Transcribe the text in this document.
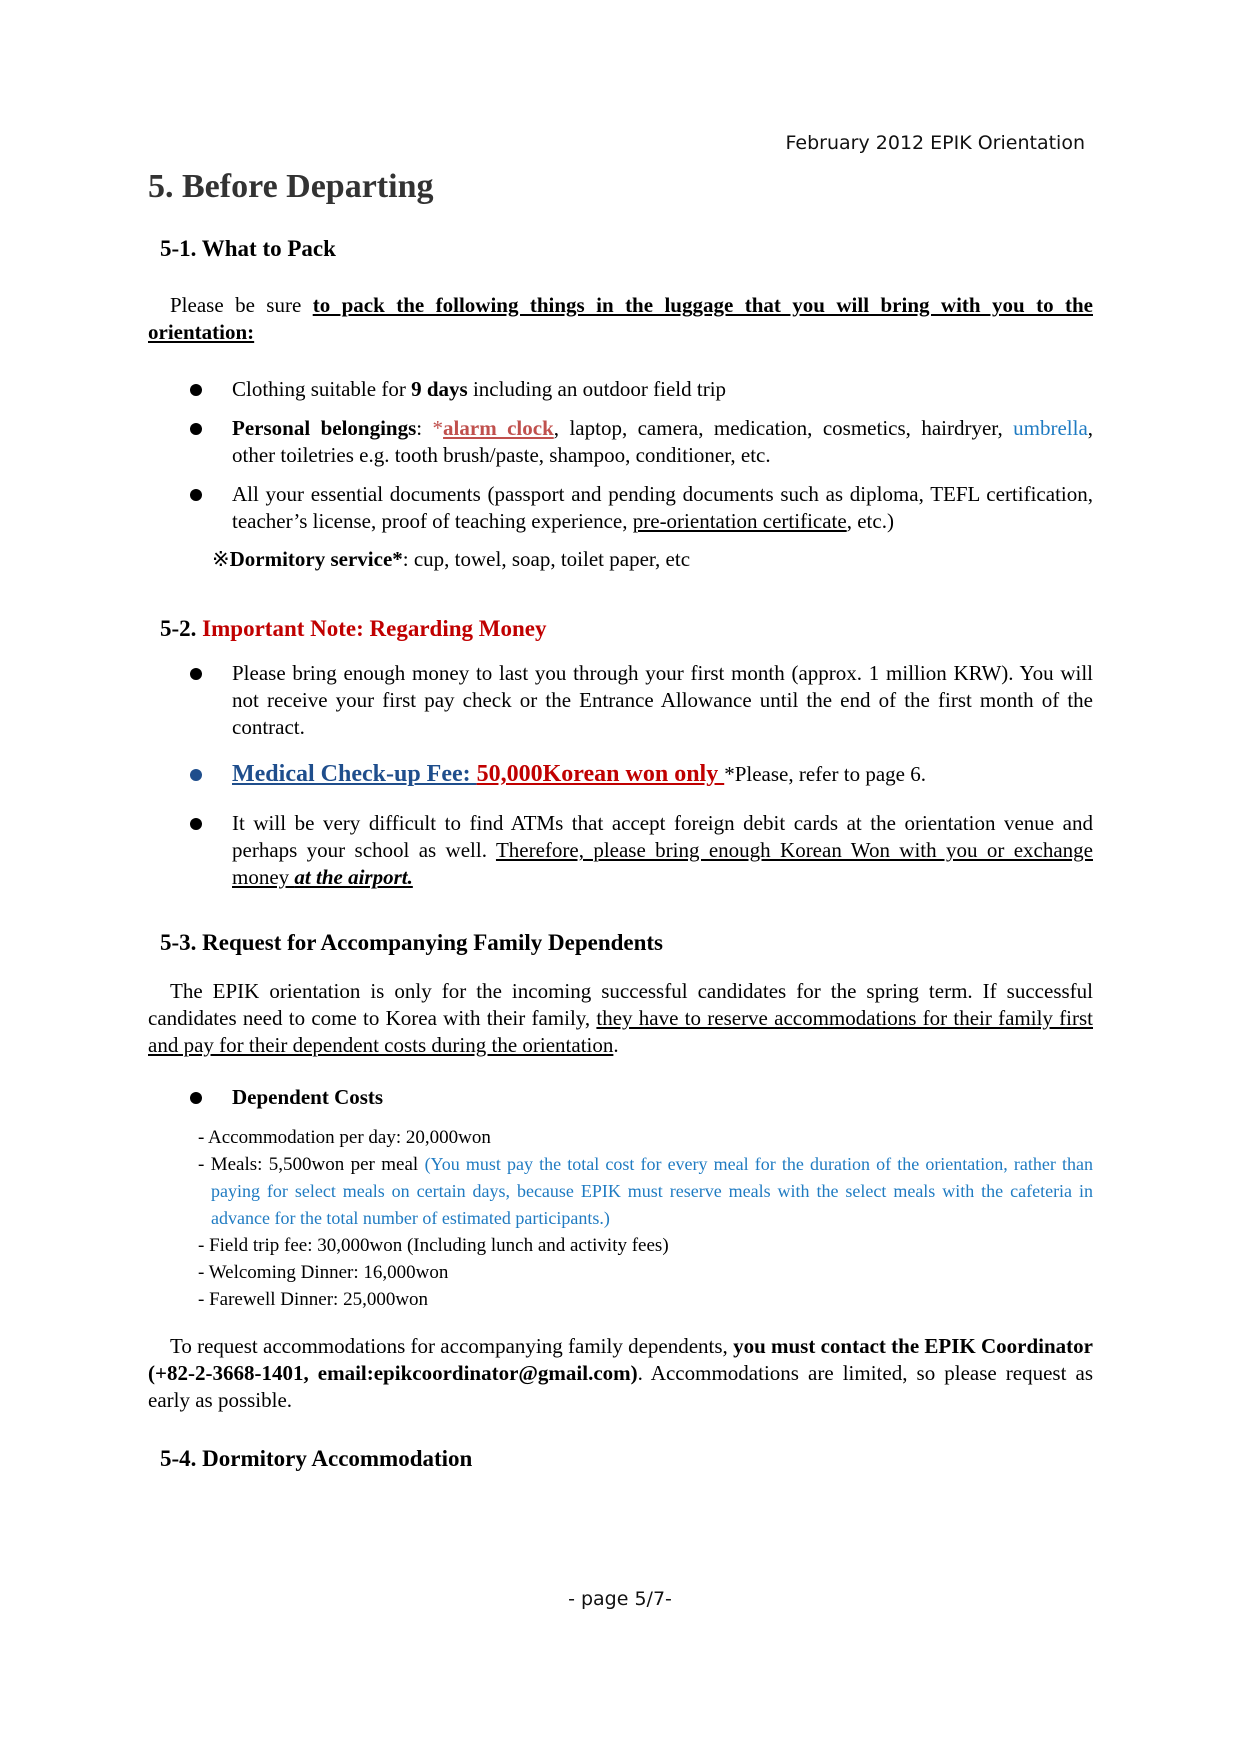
February 2012 EPIK Orientation
5. Before Departing
5-1. What to Pack
Please be sure to pack the following things in the luggage that you will bring with you to the orientation:
Clothing suitable for 9 days including an outdoor field trip
Personal belongings: *alarm clock, laptop, camera, medication, cosmetics, hairdryer, umbrella, other toiletries e.g. tooth brush/paste, shampoo, conditioner, etc.
All your essential documents (passport and pending documents such as diploma, TEFL certification, teacher’s license, proof of teaching experience, pre-orientation certificate, etc.)
※Dormitory service*: cup, towel, soap, toilet paper, etc
5-2. Important Note: Regarding Money
Please bring enough money to last you through your first month (approx. 1 million KRW). You will not receive your first pay check or the Entrance Allowance until the end of the first month of the contract.
Medical Check-up Fee: 50,000Korean won only *Please, refer to page 6.
It will be very difficult to find ATMs that accept foreign debit cards at the orientation venue and perhaps your school as well. Therefore, please bring enough Korean Won with you or exchange money at the airport.
5-3. Request for Accompanying Family Dependents
The EPIK orientation is only for the incoming successful candidates for the spring term. If successful candidates need to come to Korea with their family, they have to reserve accommodations for their family first and pay for their dependent costs during the orientation.
Dependent Costs
- Accommodation per day: 20,000won
- Meals: 5,500won per meal (You must pay the total cost for every meal for the duration of the orientation, rather than paying for select meals on certain days, because EPIK must reserve meals with the select meals with the cafeteria in advance for the total number of estimated participants.)
- Field trip fee: 30,000won (Including lunch and activity fees)
- Welcoming Dinner: 16,000won
- Farewell Dinner: 25,000won
To request accommodations for accompanying family dependents, you must contact the EPIK Coordinator (+82-2-3668-1401, email:epikcoordinator@gmail.com). Accommodations are limited, so please request as early as possible.
5-4. Dormitory Accommodation
- page 5/7-
